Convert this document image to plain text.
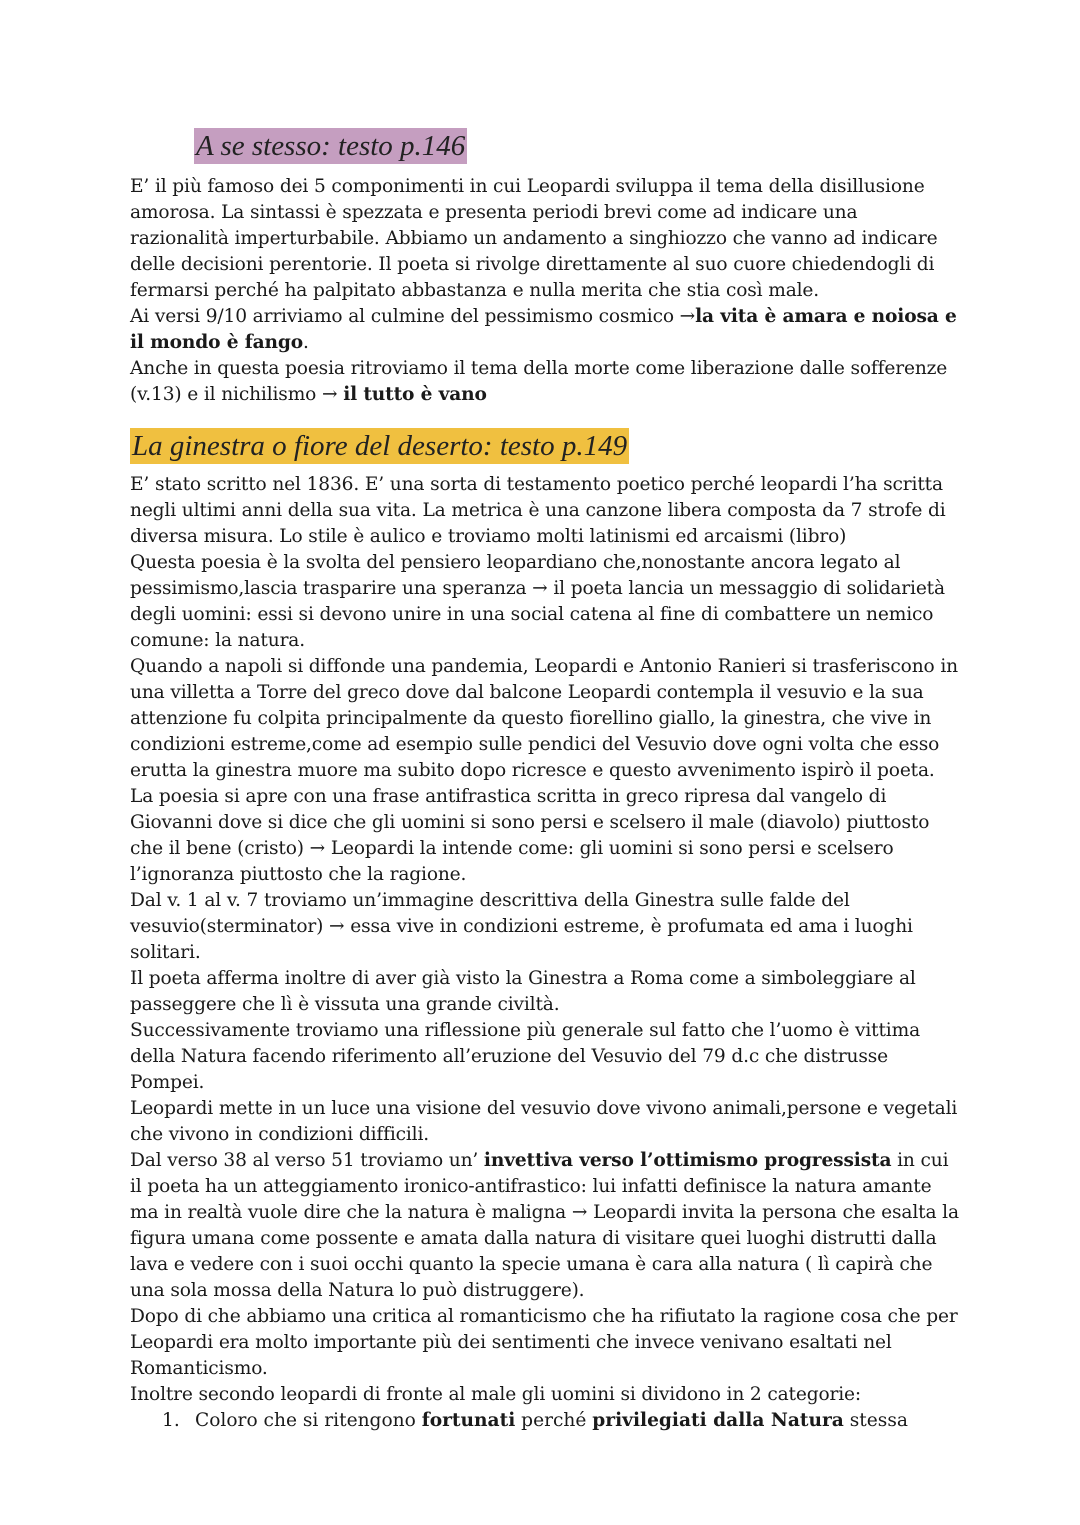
A se stesso: testo p.146

E’ il più famoso dei 5 componimenti in cui Leopardi sviluppa il tema della disillusione amorosa. La sintassi è spezzata e presenta periodi brevi come ad indicare una razionalità imperturbabile. Abbiamo un andamento a singhiozzo che vanno ad indicare delle decisioni perentorie. Il poeta si rivolge direttamente al suo cuore chiedendogli di fermarsi perché ha palpitato abbastanza e nulla merita che stia così male.

Ai versi 9/10 arriviamo al culmine del pessimismo cosmico →la vita è amara e noiosa e il mondo è fango.

Anche in questa poesia ritroviamo il tema della morte come liberazione dalle sofferenze (v.13) e il nichilismo → il tutto è vano

La ginestra o fiore del deserto: testo p.149

E’ stato scritto nel 1836. E’ una sorta di testamento poetico perché leopardi l’ha scritta negli ultimi anni della sua vita. La metrica è una canzone libera composta da 7 strofe di diversa misura. Lo stile è aulico e troviamo molti latinismi ed arcaismi (libro)

Questa poesia è la svolta del pensiero leopardiano che,nonostante ancora legato al pessimismo,lascia trasparire una speranza → il poeta lancia un messaggio di solidarietà degli uomini: essi si devono unire in una social catena al fine di combattere un nemico comune: la natura.

Quando a napoli si diffonde una pandemia, Leopardi e Antonio Ranieri si trasferiscono in una villetta a Torre del greco dove dal balcone Leopardi contempla il vesuvio e la sua attenzione fu colpita principalmente da questo fiorellino giallo, la ginestra, che vive in condizioni estreme,come ad esempio sulle pendici del Vesuvio dove ogni volta che esso erutta la ginestra muore ma subito dopo ricresce e questo avvenimento ispirò il poeta.

La poesia si apre con una frase antifrastica scritta in greco ripresa dal vangelo di Giovanni dove si dice che gli uomini si sono persi e scelsero il male (diavolo) piuttosto che il bene (cristo) → Leopardi la intende come: gli uomini si sono persi e scelsero l’ignoranza piuttosto che la ragione.

Dal v. 1 al v. 7 troviamo un’immagine descrittiva della Ginestra sulle falde del vesuvio(sterminator) → essa vive in condizioni estreme, è profumata ed ama i luoghi solitari.

Il poeta afferma inoltre di aver già visto la Ginestra a Roma come a simboleggiare al passeggere che lì è vissuta una grande civiltà.

Successivamente troviamo una riflessione più generale sul fatto che l’uomo è vittima della Natura facendo riferimento all’eruzione del Vesuvio del 79 d.c che distrusse Pompei.

Leopardi mette in un luce una visione del vesuvio dove vivono animali,persone e vegetali che vivono in condizioni difficili.

Dal verso 38 al verso 51 troviamo un’ invettiva verso l’ottimismo progressista in cui il poeta ha un atteggiamento ironico-antifrastico: lui infatti definisce la natura amante ma in realtà vuole dire che la natura è maligna → Leopardi invita la persona che esalta la figura umana come possente e amata dalla natura di visitare quei luoghi distrutti dalla lava e vedere con i suoi occhi quanto la specie umana è cara alla natura ( lì capirà che una sola mossa della Natura lo può distruggere).

Dopo di che abbiamo una critica al romanticismo che ha rifiutato la ragione cosa che per Leopardi era molto importante più dei sentimenti che invece venivano esaltati nel Romanticismo.

Inoltre secondo leopardi di fronte al male gli uomini si dividono in 2 categorie:

1. Coloro che si ritengono fortunati perché privilegiati dalla Natura stessa
